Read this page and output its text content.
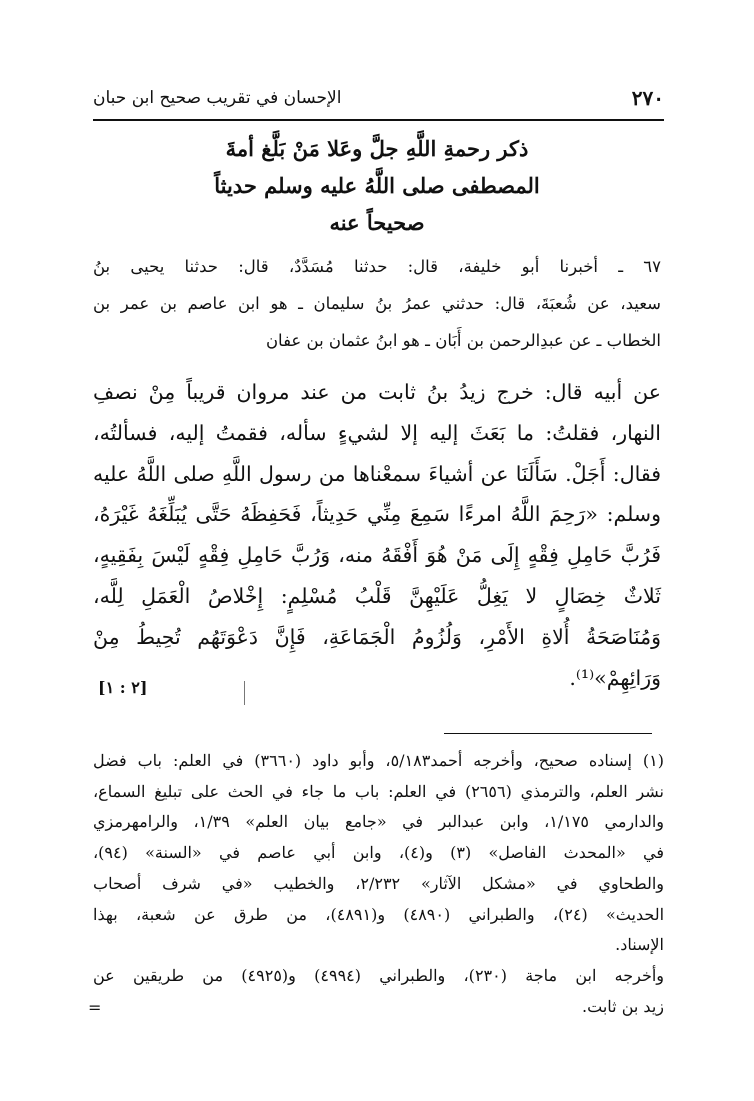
٢٧٠
الإحسان في تقريب صحيح ابن حبان
ذكر رحمةِ اللَّهِ جلَّ وعَلا مَنْ بَلَّغ أمةَ
المصطفى صلى اللَّهُ عليه وسلم حديثاً
صحيحاً عنه
٦٧ ـ أخبرنا أبو خليفة، قال: حدثنا مُسَدَّدٌ، قال: حدثنا يحيى بنُ
سعيد، عن شُعبَةَ، قال: حدثني عمرُ بنُ سليمان ـ هو ابن عاصم بن عمر بن
الخطاب ـ عن عبدِالرحمن بن أَبَان ـ هو ابنُ عثمان بن عفان
عن أبيه قال: خرج زيدُ بنُ ثابت من عند مروان قريباً مِنْ نصفِ
النهار، فقلتُ: ما بَعَثَ إليه إلا لشيءٍ سأله، فقمتُ إليه، فسألتُه،
فقال: أَجَلْ. سَأَلَنَا عن أشياءَ سمعْناها من رسول اللَّهِ صلى اللَّهُ عليه
وسلم: «رَحِمَ اللَّهُ امرءًا سَمِعَ مِنِّي حَدِيثاً، فَحَفِظَهُ حَتَّى يُبَلِّغَهُ غَيْرَهُ،
فَرُبَّ حَامِلِ فِقْهٍ إِلَى مَنْ هُوَ أَفْقَهُ منه، وَرُبَّ حَامِلِ فِقْهٍ لَيْسَ بِفَقِيهٍ،
ثَلاثٌ خِصَالٍ لا يَغِلُّ عَلَيْهِنَّ قَلْبُ مُسْلِمٍ: إِخْلاصُ الْعَمَلِ لِلَّه،
وَمُنَاصَحَةُ أُلاةِ الأَمْرِ، وَلُزُومُ الْجَمَاعَةِ، فَإِنَّ دَعْوَتَهُم تُحِيطُ مِنْ
وَرَائِهِمْ»⁽¹⁾.
[٢ : ١]
(١) إسناده صحيح، وأخرجه أحمد٥/١٨٣، وأبو داود (٣٦٦٠) في العلم: باب فضل
نشر العلم، والترمذي (٢٦٥٦) في العلم: باب ما جاء في الحث على تبليغ السماع،
والدارمي ١/١٧٥، وابن عبدالبر في «جامع بيان العلم» ١/٣٩، والرامهرمزي
في «المحدث الفاصل» (٣) و(٤)، وابن أبي عاصم في «السنة» (٩٤)،
والطحاوي في «مشكل الآثار» ٢/٢٣٢، والخطيب «في شرف أصحاب
الحديث» (٢٤)، والطبراني (٤٨٩٠) و(٤٨٩١)، من طرق عن شعبة، بهذا
الإسناد.
وأخرجه ابن ماجة (٢٣٠)، والطبراني (٤٩٩٤) و(٤٩٢٥) من طريقين عن
زيد بن ثابت.
=
